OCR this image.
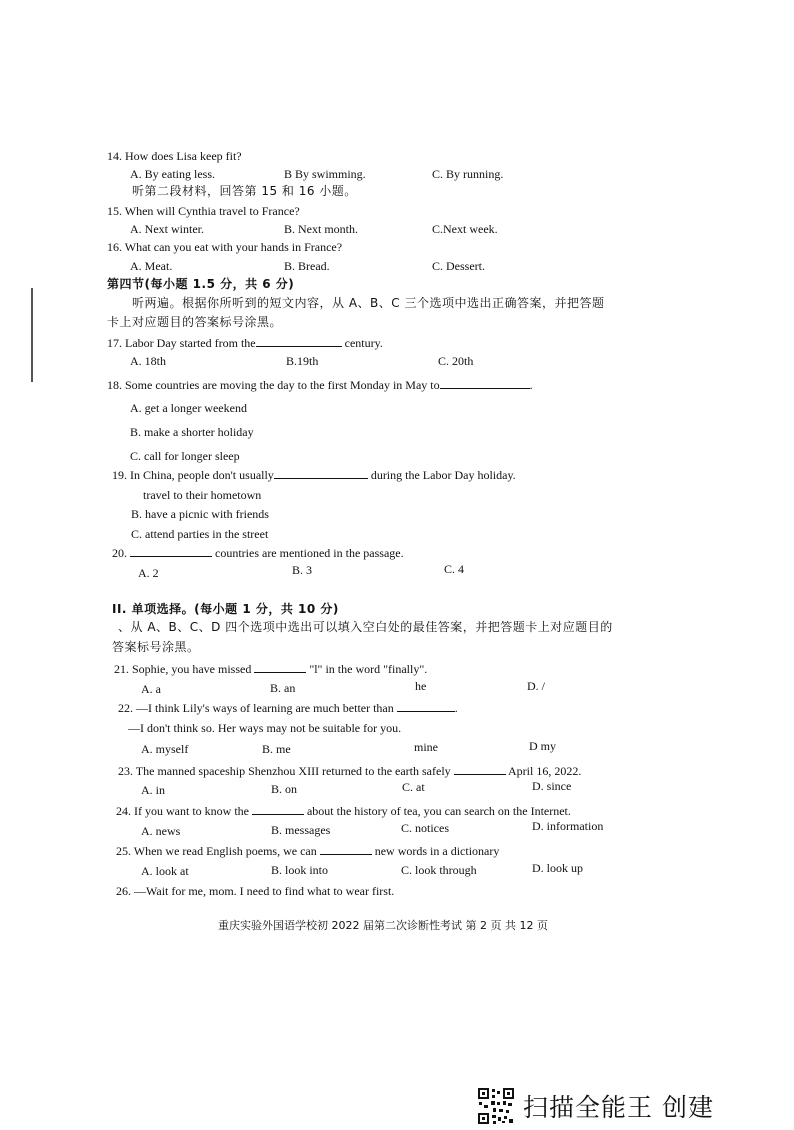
14. How does Lisa keep fit?
A. By eating less.	B By swimming.	C. By running.
听第二段材料，回答第 15 和 16 小题。
15. When will Cynthia travel to France?
A. Next winter.	B. Next month.	C.Next week.
16. What can you eat with your hands in France?
A. Meat.	B. Bread.	C. Dessert.
第四节(每小题 1.5 分，共 6 分)
听两遍。根据你所听到的短文内容，从 A、B、C 三个选项中选出正确答案，并把答题
卡上对应题目的答案标号涂黑。
17. Labor Day started from the	century.
A. 18th	B.19th	C. 20th
18. Some countries are moving the day to the first Monday in May to	.
A. get a longer weekend
B. make a shorter holiday
C. call for longer sleep
19. In China, people don't usually	during the Labor Day holiday.
travel to their hometown
B. have a picnic with friends
C. attend parties in the street
20.	countries are mentioned in the passage.
A. 2	B. 3	C. 4
II. 单项选择。(每小题 1 分，共 10 分)
、从 A、B、C、D 四个选项中选出可以填入空白处的最佳答案，并把答题卡上对应题目的
答案标号涂黑。
21. Sophie, you have missed	"l" in the word "finally".
A. a	B. an	he	D. /
22. —I think Lily's ways of learning are much better than	.
—I don't think so. Her ways may not be suitable for you.
A. myself	B. me	mine	D my
23. The manned spaceship Shenzhou XIII returned to the earth safely	April 16, 2022.
A. in	B. on	C. at	D. since
24. If you want to know the	about the history of tea, you can search on the Internet.
A. news	B. messages	C. notices	D. information
25. When we read English poems, we can	new words in a dictionary
A. look at	B. look into	C. look through	D. look up
26. —Wait for me, mom. I need to find what to wear first.
重庆实验外国语学校初 2022 届第二次诊断性考试 第 2 页 共 12 页
扫描全能王 创建
